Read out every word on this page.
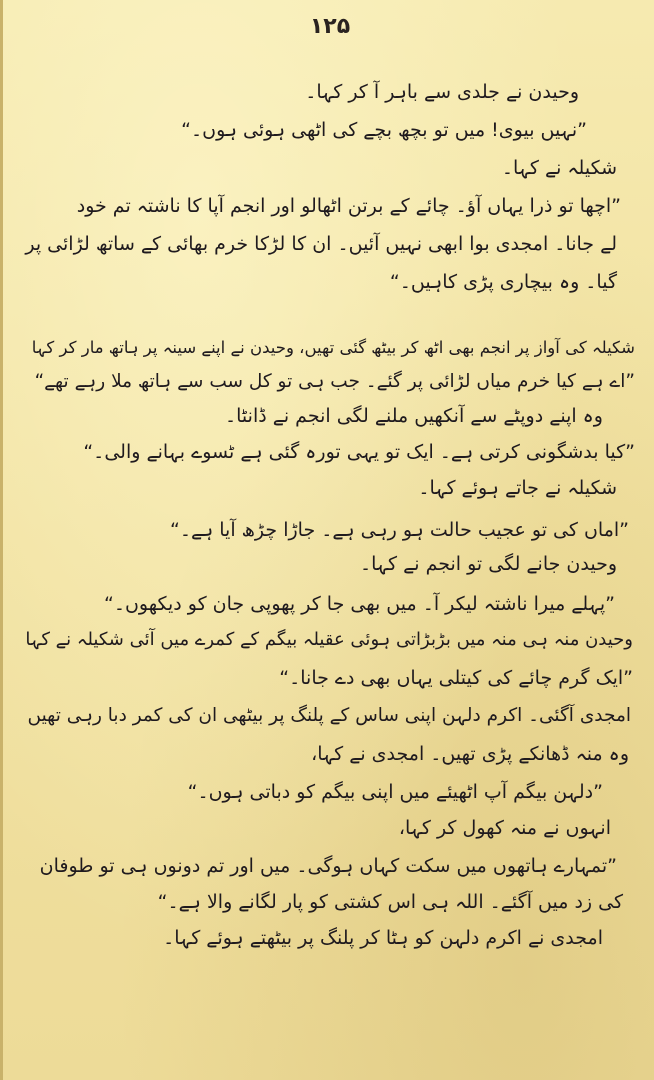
۱۲۵
وحیدن نے جلدی سے باہر آ کر کہا۔
”نہیں بیوی! میں تو بچھ بچے کی اٹھی ہوئی ہوں۔“
شکیلہ نے کہا۔
”اچھا تو ذرا یہاں آؤ۔ چائے کے برتن اٹھالو اور انجم آپا کا ناشتہ تم خود
لے جانا۔ امجدی بوا ابھی نہیں آئیں۔ ان کا لڑکا خرم بھائی کے ساتھ لڑائی پر
گیا۔ وہ بیچاری پڑی کاہیں۔“
شکیلہ کی آواز پر انجم بھی اٹھ کر بیٹھ گئی تھیں، وحیدن نے اپنے سینہ پر ہاتھ مار کر کہا
”اے ہے کیا خرم میاں لڑائی پر گئے۔ جب ہی تو کل سب سے ہاتھ ملا رہے تھے“
وہ اپنے دوپٹے سے آنکھیں ملنے لگی انجم نے ڈانٹا۔
”کیا بدشگونی کرتی ہے۔ ایک تو یہی تورہ گئی ہے ٹسوے بہانے والی۔“
شکیلہ نے جاتے ہوئے کہا۔
”اماں کی تو عجیب حالت ہو رہی ہے۔ جاڑا چڑھ آیا ہے۔“
وحیدن جانے لگی تو انجم نے کہا۔
”پہلے میرا ناشتہ لیکر آ۔ میں بھی جا کر پھوپی جان کو دیکھوں۔“
وحیدن منہ ہی منہ میں بڑبڑاتی ہوئی عقیلہ بیگم کے کمرے میں آئی شکیلہ نے کہا
”ایک گرم چائے کی کیتلی یہاں بھی دے جانا۔“
امجدی آگئی۔ اکرم دلہن اپنی ساس کے پلنگ پر بیٹھی ان کی کمر دبا رہی تھیں
وہ منہ ڈھانکے پڑی تھیں۔ امجدی نے کہا،
”دلہن بیگم آپ اٹھیئے میں اپنی بیگم کو دباتی ہوں۔“
انہوں نے منہ کھول کر کہا،
”تمہارے ہاتھوں میں سکت کہاں ہوگی۔ میں اور تم دونوں ہی تو طوفان
کی زد میں آگئے۔ اللہ ہی اس کشتی کو پار لگانے والا ہے۔“
امجدی نے اکرم دلہن کو ہٹا کر پلنگ پر بیٹھتے ہوئے کہا۔
